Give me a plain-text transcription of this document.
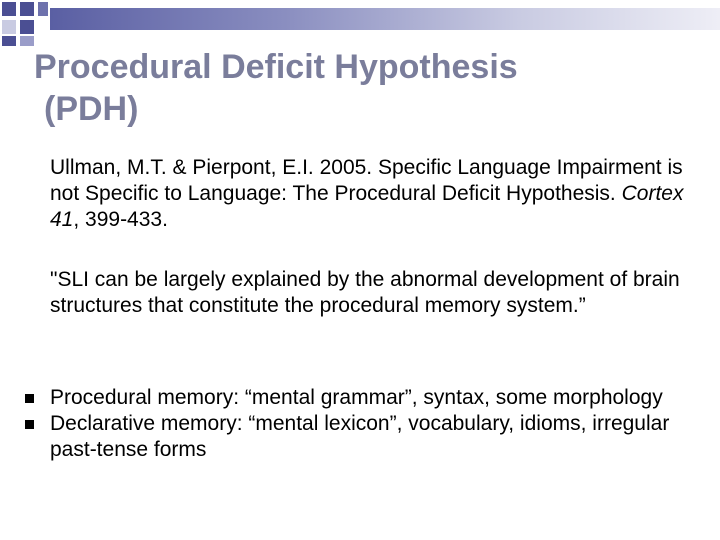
Procedural Deficit Hypothesis
(PDH)

Ullman, M.T. & Pierpont, E.I. 2005. Specific Language Impairment is not Specific to Language: The Procedural Deficit Hypothesis. Cortex 41, 399-433.

"SLI can be largely explained by the abnormal development of brain structures that constitute the procedural memory system.”

Procedural memory: “mental grammar”, syntax, some morphology
Declarative memory: “mental lexicon”, vocabulary, idioms, irregular past-tense forms
